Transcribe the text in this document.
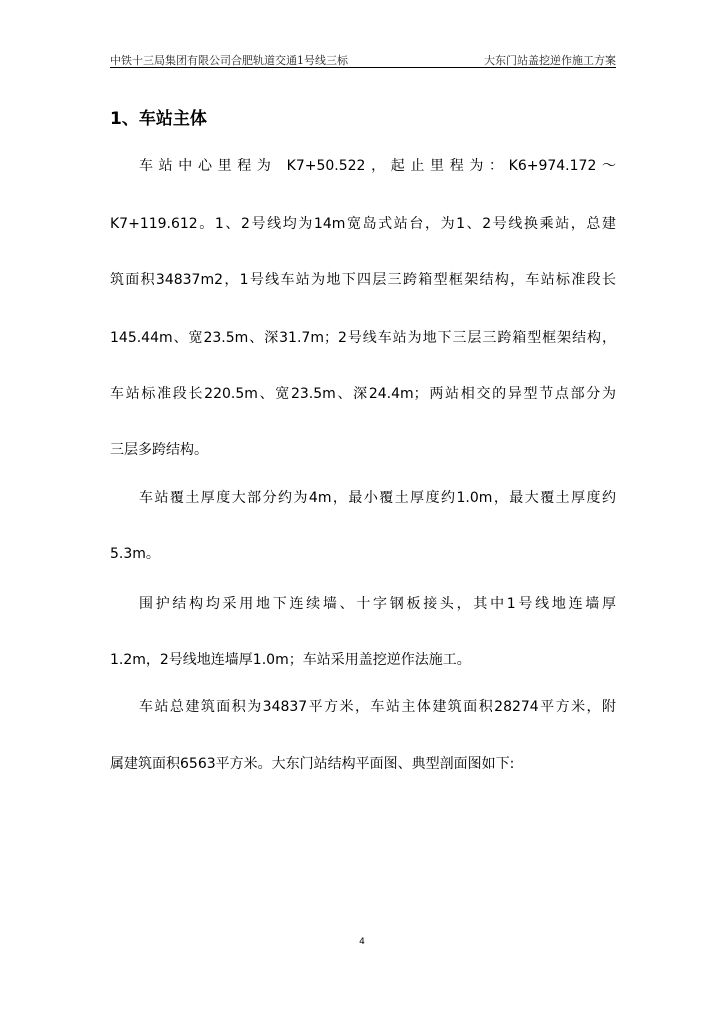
中铁十三局集团有限公司合肥轨道交通1号线三标	大东门站盖挖逆作施工方案
1、车站主体
车站中心里程为 K7+50.522，起止里程为：K6+974.172～
K7+119.612。1、2号线均为14m宽岛式站台，为1、2号线换乘站，总建
筑面积34837m2，1号线车站为地下四层三跨箱型框架结构，车站标准段长
145.44m、宽23.5m、深31.7m；2号线车站为地下三层三跨箱型框架结构，
车站标准段长220.5m、宽23.5m、深24.4m；两站相交的异型节点部分为
三层多跨结构。
车站覆土厚度大部分约为4m，最小覆土厚度约1.0m，最大覆土厚度约
5.3m。
围护结构均采用地下连续墙、十字钢板接头，其中1号线地连墙厚
1.2m，2号线地连墙厚1.0m；车站采用盖挖逆作法施工。
车站总建筑面积为34837平方米，车站主体建筑面积28274平方米，附
属建筑面积6563平方米。大东门站结构平面图、典型剖面图如下:
4
